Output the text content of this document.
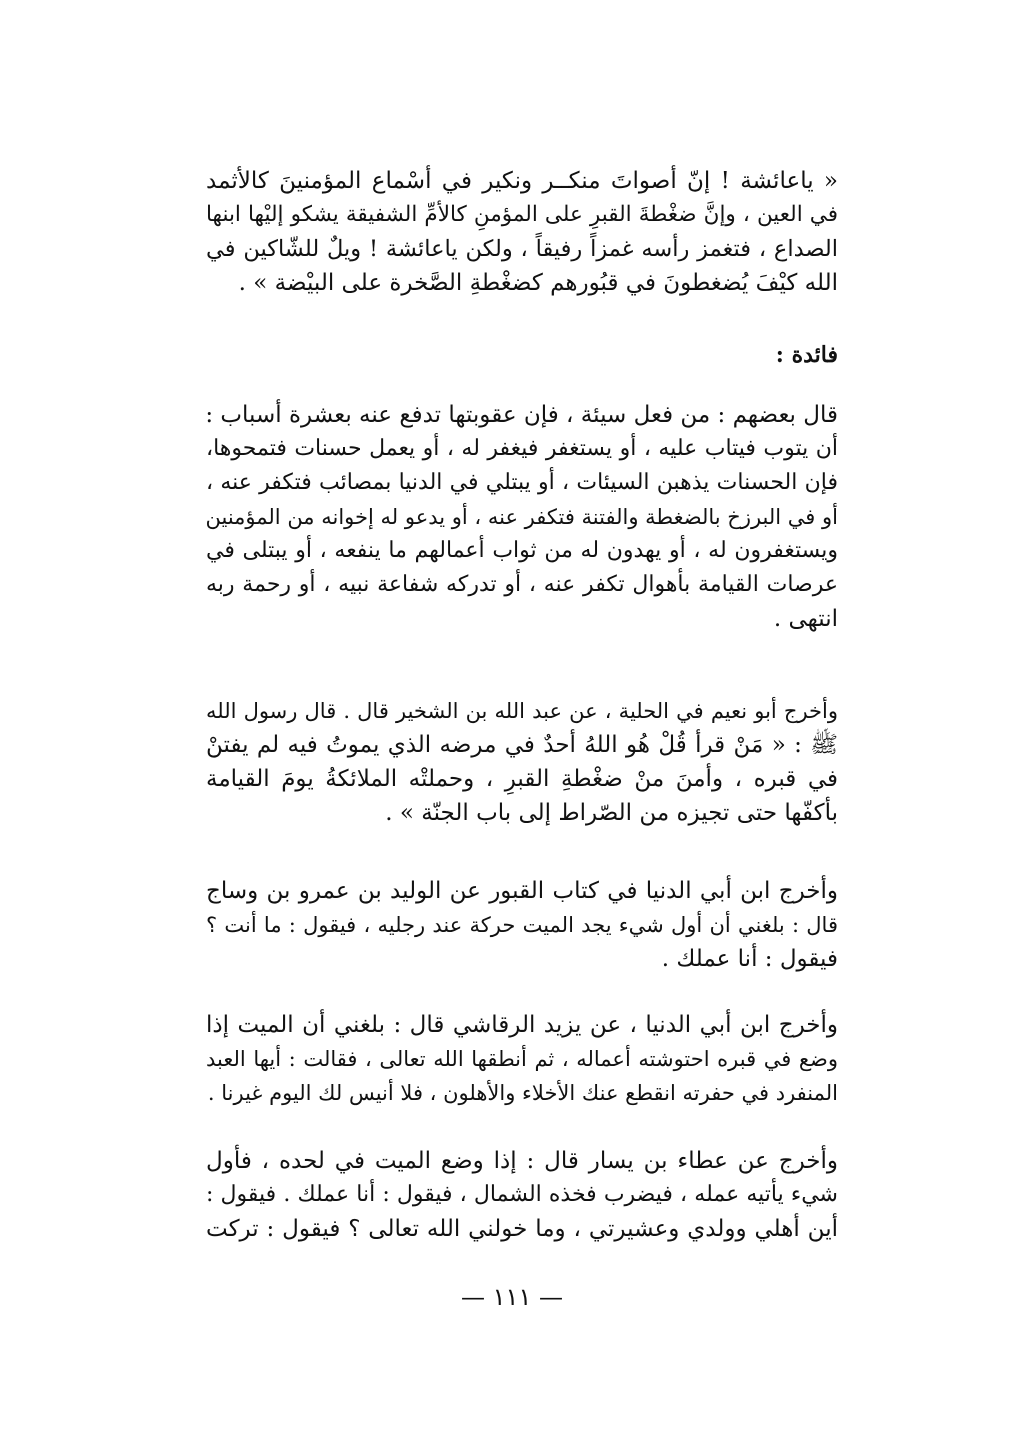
« ياعائشة ! إنّ أصواتَ منكــر ونكير في أسْماع المؤمنينَ كالأثمد
في العين ، وإنَّ ضغْطةَ القبرِ على المؤمنِ كالأمِّ الشفيقة يشكو إليْها ابنها
الصداع ، فتغمز رأسه غمزاً رفيقاً ، ولكن ياعائشة ! ويلٌ للشّاكين في
الله كيْفَ يُضغطونَ في قبُورهم كضغْطةِ الصَّخرة على البيْضة » .
فائدة :
قال بعضهم : من فعل سيئة ، فإن عقوبتها تدفع عنه بعشرة أسباب :
أن يتوب فيتاب عليه ، أو يستغفر فيغفر له ، أو يعمل حسنات فتمحوها،
فإن الحسنات يذهبن السيئات ، أو يبتلي في الدنيا بمصائب فتكفر عنه ،
أو في البرزخ بالضغطة والفتنة فتكفر عنه ، أو يدعو له إخوانه من المؤمنين
ويستغفرون له ، أو يهدون له من ثواب أعمالهم ما ينفعه ، أو يبتلى في
عرصات القيامة بأهوال تكفر عنه ، أو تدركه شفاعة نبيه ، أو رحمة ربه
انتهى .
وأخرج أبو نعيم في الحلية ، عن عبد الله بن الشخير قال . قال رسول الله
ﷺ : « مَنْ قرأ قُلْ هُو اللهُ أحدٌ في مرضه الذي يموتُ فيه لم يفتنْ
في قبره ، وأمنَ منْ ضغْطةِ القبرِ ، وحملتْه الملائكةُ يومَ القيامة
بأكفّها حتى تجيزه من الصّراط إلى باب الجنّة » .
وأخرج ابن أبي الدنيا في كتاب القبور عن الوليد بن عمرو بن وساج
قال : بلغني أن أول شيء يجد الميت حركة عند رجليه ، فيقول : ما أنت ؟
فيقول : أنا عملك .
وأخرج ابن أبي الدنيا ، عن يزيد الرقاشي قال : بلغني أن الميت إذا
وضع في قبره احتوشته أعماله ، ثم أنطقها الله تعالى ، فقالت : أيها العبد
المنفرد في حفرته انقطع عنك الأخلاء والأهلون ، فلا أنيس لك اليوم غيرنا .
وأخرج عن عطاء بن يسار قال : إذا وضع الميت في لحده ، فأول
شيء يأتيه عمله ، فيضرب فخذه الشمال ، فيقول : أنا عملك . فيقول :
أين أهلي وولدي وعشيرتي ، وما خولني الله تعالى ؟ فيقول : تركت
— ١١١ —
